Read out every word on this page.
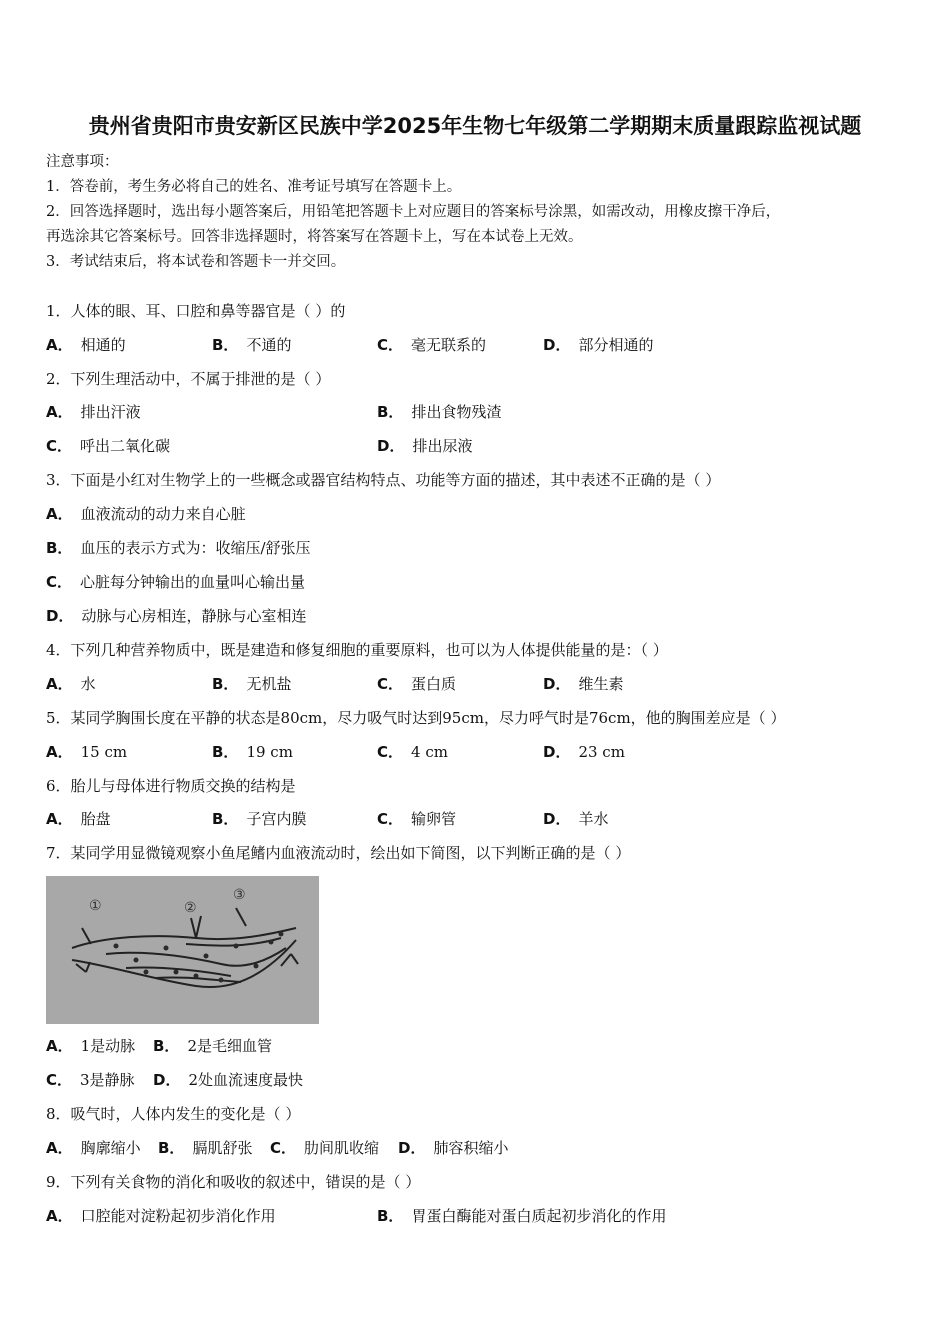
贵州省贵阳市贵安新区民族中学2025年生物七年级第二学期期末质量跟踪监视试题
注意事项：
1．答卷前，考生务必将自己的姓名、准考证号填写在答题卡上。
2．回答选择题时，选出每小题答案后，用铅笔把答题卡上对应题目的答案标号涂黑，如需改动，用橡皮擦干净后，
再选涂其它答案标号。回答非选择题时，将答案写在答题卡上，写在本试卷上无效。
3．考试结束后，将本试卷和答题卡一并交回。
1．人体的眼、耳、口腔和鼻等器官是（ ）的
A． 相通的	B． 不通的	C． 毫无联系的	D． 部分相通的
2．下列生理活动中，不属于排泄的是（ ）
A． 排出汗液	B． 排出食物残渣
C． 呼出二氧化碳	D． 排出尿液
3．下面是小红对生物学上的一些概念或器官结构特点、功能等方面的描述，其中表述不正确的是（ ）
A． 血液流动的动力来自心脏
B． 血压的表示方式为：收缩压/舒张压
C． 心脏每分钟输出的血量叫心输出量
D． 动脉与心房相连，静脉与心室相连
4．下列几种营养物质中，既是建造和修复细胞的重要原料，也可以为人体提供能量的是：（ ）
A． 水	B． 无机盐	C． 蛋白质	D． 维生素
5．某同学胸围长度在平静的状态是80cm，尽力吸气时达到95cm，尽力呼气时是76cm，他的胸围差应是（ ）
A． 15 cm	B． 19 cm	C． 4 cm	D． 23 cm
6．胎儿与母体进行物质交换的结构是
A． 胎盘	B． 子宫内膜	C． 输卵管	D． 羊水
7．某同学用显微镜观察小鱼尾鳍内血液流动时，绘出如下简图，以下判断正确的是（ ）
①	②
③
A． 1是动脉 B． 2是毛细血管
C． 3是静脉 D． 2处血流速度最快
8．吸气时，人体内发生的变化是（ ）
A． 胸廓缩小 B． 膈肌舒张 C． 肋间肌收缩 D． 肺容积缩小
9．下列有关食物的消化和吸收的叙述中，错误的是（ ）
A． 口腔能对淀粉起初步消化作用	B． 胃蛋白酶能对蛋白质起初步消化的作用
